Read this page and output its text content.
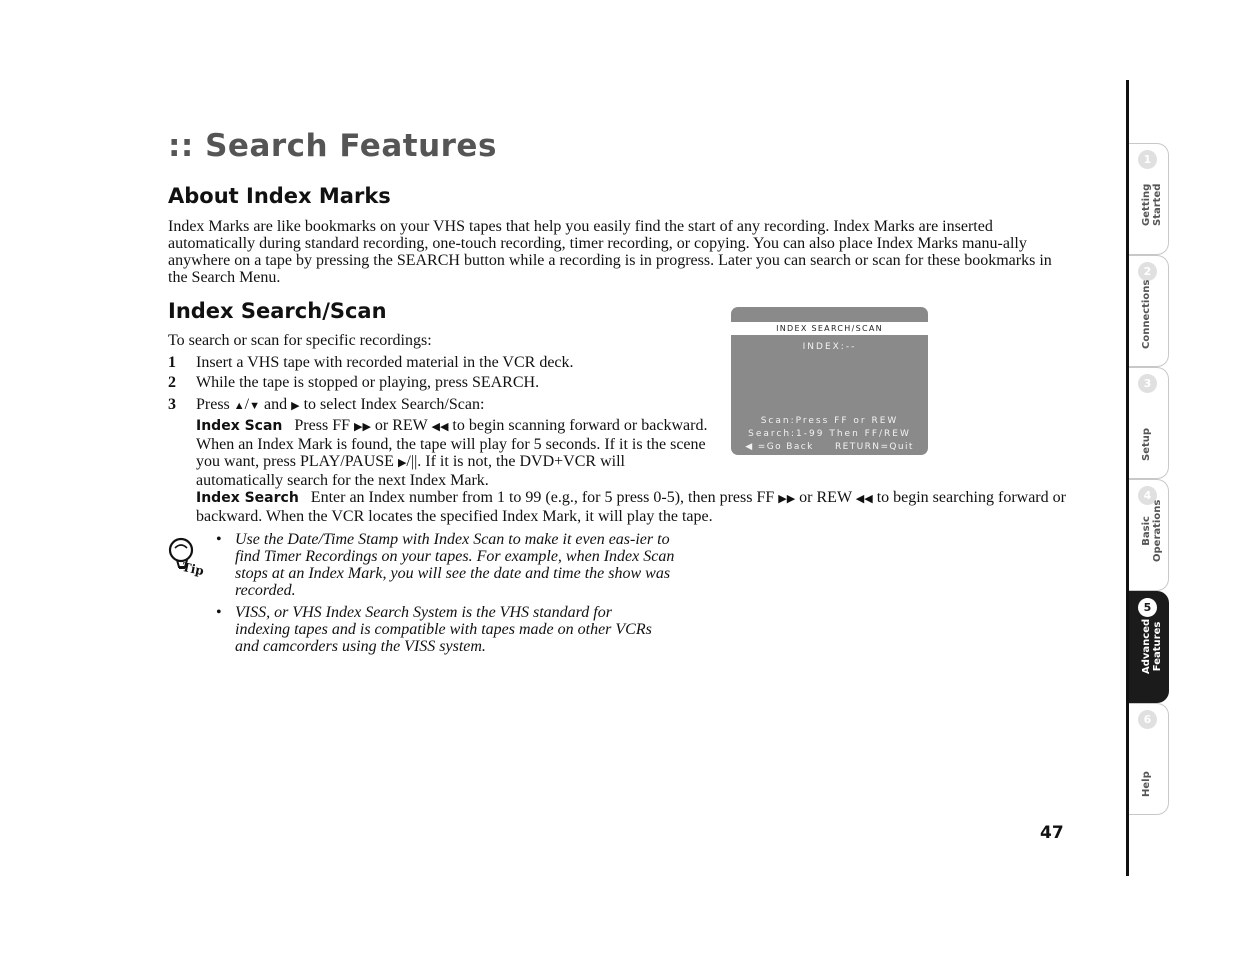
:: Search Features
About Index Marks
Index Marks are like bookmarks on your VHS tapes that help you easily find the start of any recording. Index Marks are inserted automatically during standard recording, one-touch recording, timer recording, or copying. You can also place Index Marks manu-ally anywhere on a tape by pressing the SEARCH button while a recording is in progress. Later you can search or scan for these bookmarks in the Search Menu.
Index Search/Scan
To search or scan for specific recordings:
1 Insert a VHS tape with recorded material in the VCR deck.
2 While the tape is stopped or playing, press SEARCH.
3 Press ▲/▼ and ▶ to select Index Search/Scan:
Index Scan Press FF ▶▶ or REW ◀◀ to begin scanning forward or backward. When an Index Mark is found, the tape will play for 5 seconds. If it is the scene you want, press PLAY/PAUSE ▶/||. If it is not, the DVD+VCR will automatically search for the next Index Mark.
Index Search Enter an Index number from 1 to 99 (e.g., for 5 press 0-5), then press FF ▶▶ or REW ◀◀ to begin searching forward or backward. When the VCR locates the specified Index Mark, it will play the tape.
INDEX SEARCH/SCAN
INDEX:--
Scan:Press FF or REW
Search:1-99 Then FF/REW
◀ =Go Back RETURN=Quit
Tip
• Use the Date/Time Stamp with Index Scan to make it even eas-ier to find Timer Recordings on your tapes. For example, when Index Scan stops at an Index Mark, you will see the date and time the show was recorded.
• VISS, or VHS Index Search System is the VHS standard for indexing tapes and is compatible with tapes made on other VCRs and camcorders using the VISS system.
1
Getting
Started
2
Connections
3
Setup
4
Basic
Operations
5
Advanced
Features
6
Help
47
